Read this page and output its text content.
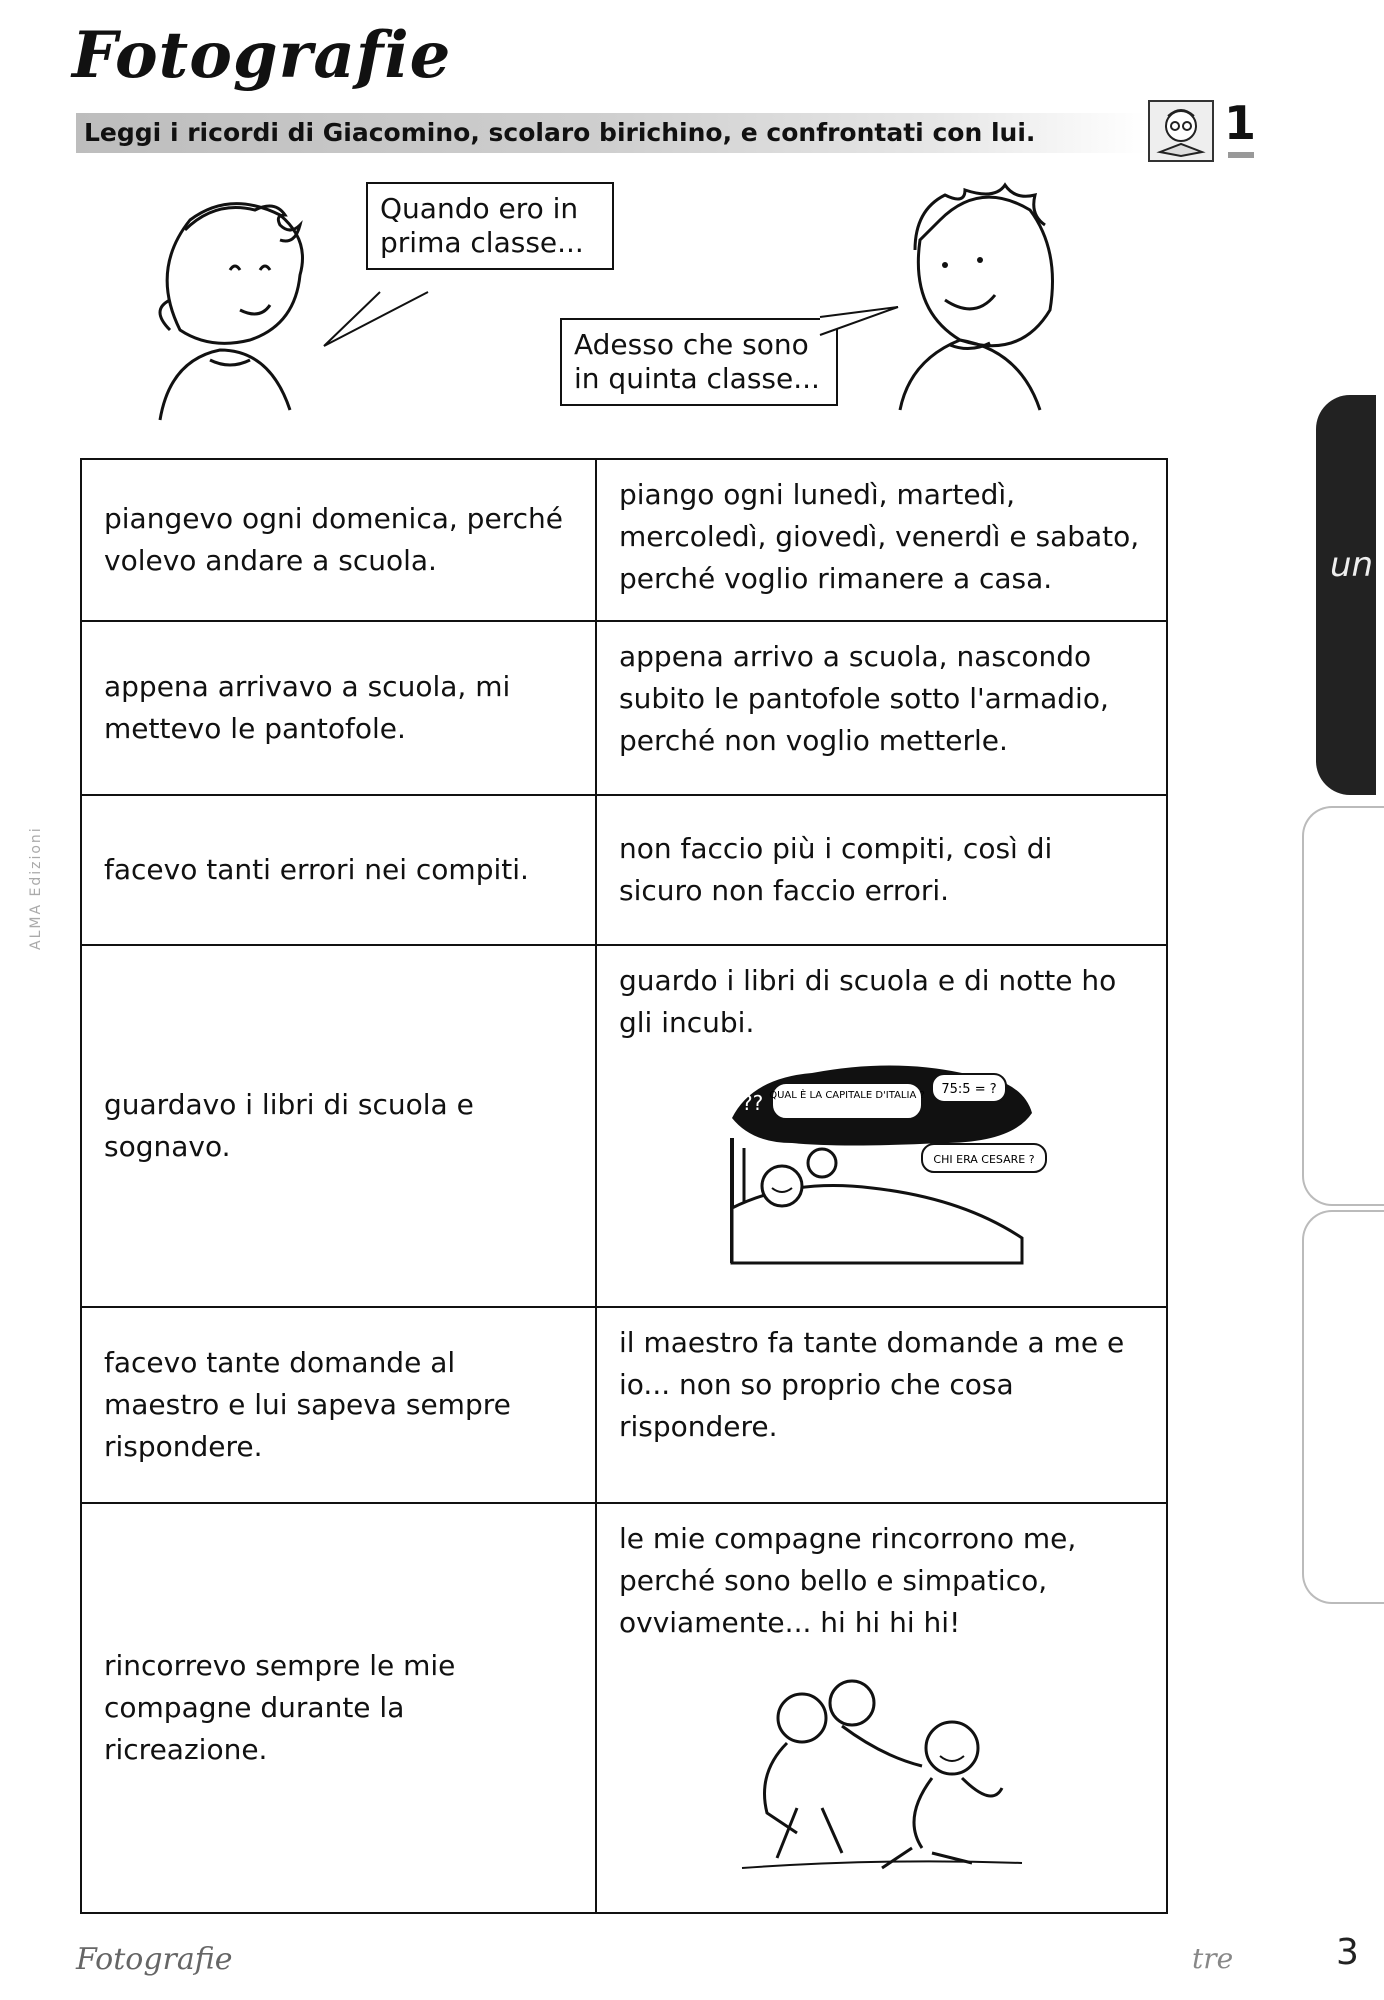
Fotografie
Leggi i ricordi di Giacomino, scolaro birichino, e confrontati con lui.	1
Quando ero in
prima classe...
Adesso che sono
in quinta classe...
piangevo ogni domenica, perché volevo andare a scuola.	piango ogni lunedì, martedì, mercoledì, giovedì, venerdì e sabato, perché voglio rimanere a casa.
appena arrivavo a scuola, mi mettevo le pantofole.	appena arrivo a scuola, nascondo subito le pantofole sotto l'armadio, perché non voglio metterle.
facevo tanti errori nei compiti.	non faccio più i compiti, così di sicuro non faccio errori.
guardavo i libri di scuola e sognavo.	guardo i libri di scuola e di notte ho gli incubi.
QUAL È LA CAPITALE D'ITALIA ? 75:5 = ?
??
CHI ERA CESARE ?

facevo tante domande al maestro e lui sapeva sempre rispondere.	il maestro fa tante domande a me e io... non so proprio che cosa rispondere.
rincorrevo sempre le mie compagne durante la ricreazione.	le mie compagne rincorrono me, perché sono bello e simpatico, ovviamente... hi hi hi hi!
un
ALMA Edizioni
Fotografie	tre	3
